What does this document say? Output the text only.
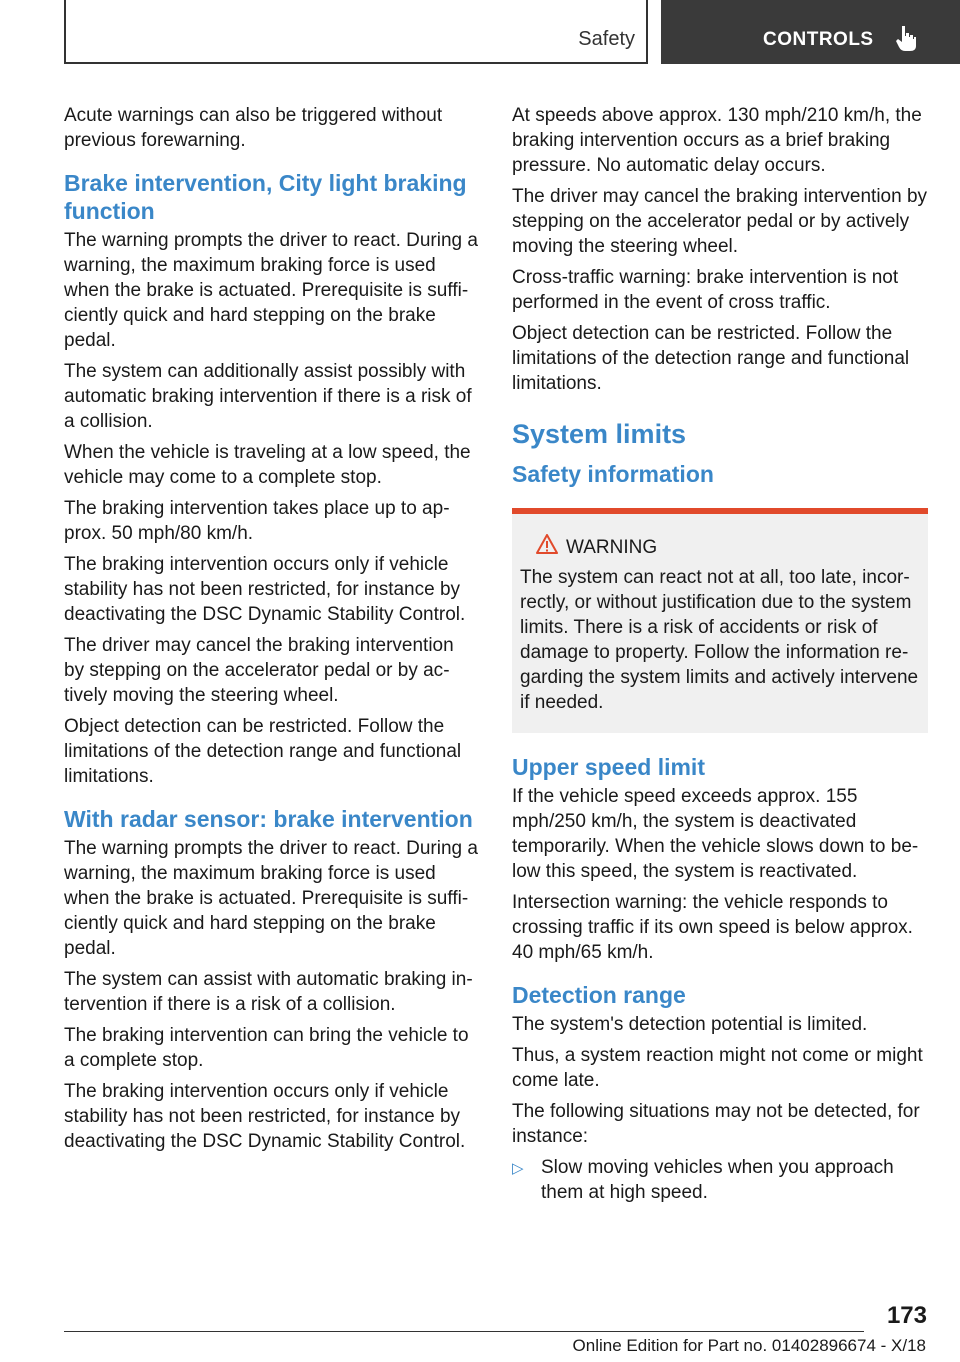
Safety	CONTROLS

Acute warnings can also be triggered without previous forewarning.

Brake intervention, City light braking function

The warning prompts the driver to react. During a warning, the maximum braking force is used when the brake is actuated. Prerequisite is sufficiently quick and hard stepping on the brake pedal.

The system can additionally assist possibly with automatic braking intervention if there is a risk of a collision.

When the vehicle is traveling at a low speed, the vehicle may come to a complete stop.

The braking intervention takes place up to approx. 50 mph/80 km/h.

The braking intervention occurs only if vehicle stability has not been restricted, for instance by deactivating the DSC Dynamic Stability Control.

The driver may cancel the braking intervention by stepping on the accelerator pedal or by actively moving the steering wheel.

Object detection can be restricted. Follow the limitations of the detection range and functional limitations.

With radar sensor: brake intervention

The warning prompts the driver to react. During a warning, the maximum braking force is used when the brake is actuated. Prerequisite is sufficiently quick and hard stepping on the brake pedal.

The system can assist with automatic braking intervention if there is a risk of a collision.

The braking intervention can bring the vehicle to a complete stop.

The braking intervention occurs only if vehicle stability has not been restricted, for instance by deactivating the DSC Dynamic Stability Control.

At speeds above approx. 130 mph/210 km/h, the braking intervention occurs as a brief braking pressure. No automatic delay occurs.

The driver may cancel the braking intervention by stepping on the accelerator pedal or by actively moving the steering wheel.

Cross-traffic warning: brake intervention is not performed in the event of cross traffic.

Object detection can be restricted. Follow the limitations of the detection range and functional limitations.

System limits
Safety information
WARNING

The system can react not at all, too late, incorrectly, or without justification due to the system limits. There is a risk of accidents or risk of damage to property. Follow the information regarding the system limits and actively intervene if needed.

Upper speed limit

If the vehicle speed exceeds approx. 155 mph/250 km/h, the system is deactivated temporarily. When the vehicle slows down to below this speed, the system is reactivated.

Intersection warning: the vehicle responds to crossing traffic if its own speed is below approx. 40 mph/65 km/h.

Detection range

The system's detection potential is limited.

Thus, a system reaction might not come or might come late.

The following situations may not be detected, for instance:

▷ Slow moving vehicles when you approach them at high speed.
173
Online Edition for Part no. 01402896674 - X/18
